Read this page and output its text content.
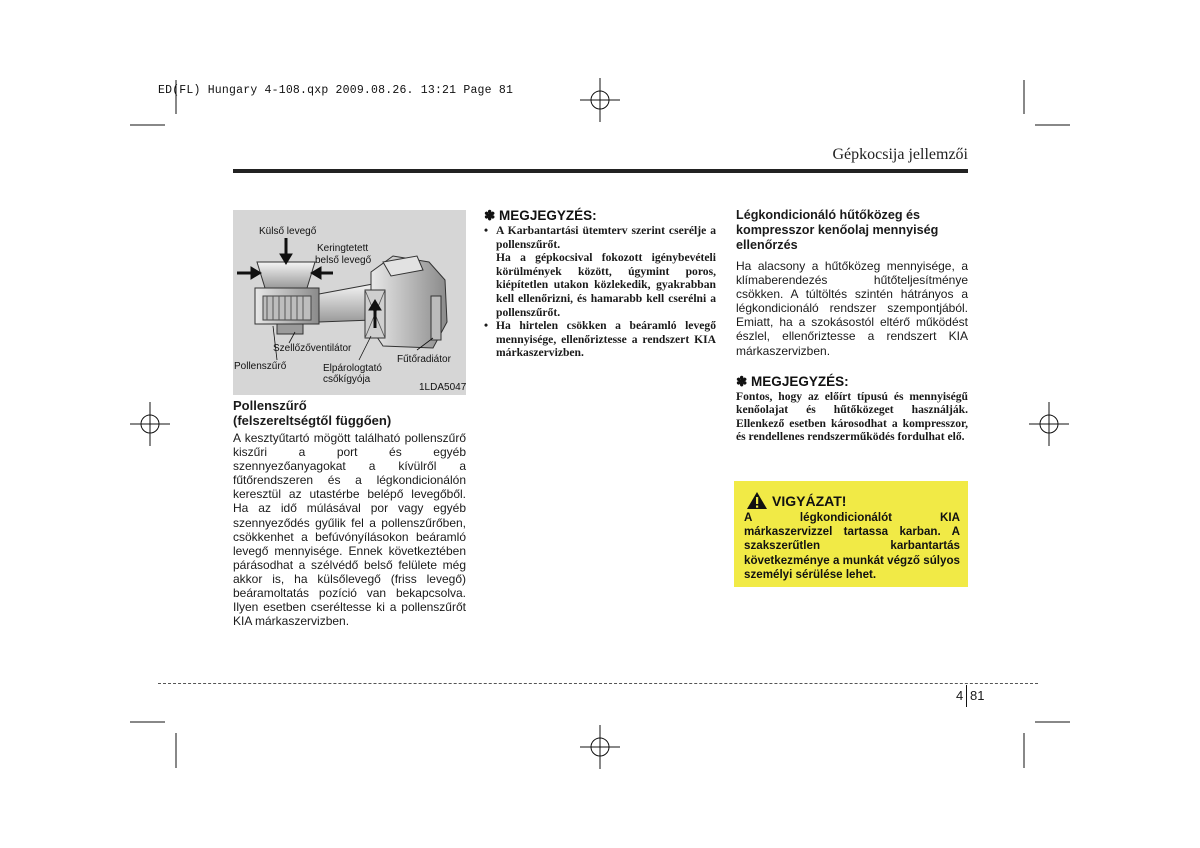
ED(FL) Hungary 4-108.qxp 2009.08.26. 13:21 Page 81
Gépkocsija jellemzői
Külső levegő
Keringtetett
belső levegő
Szellőzőventilátor
Pollenszűrő	Elpárologtató
csőkígyója
Fűtőradiátor
1LDA5047
Pollenszűrő
(felszereltségtől függően)
A kesztyűtartó mögött található pollenszűrő kiszűri a port és egyéb szennyezőanyagokat a kívülről a fűtőrendszeren és a légkondicionálón keresztül az utastérbe belépő levegőből. Ha az idő múlásával por vagy egyéb szennyeződés gyűlik fel a pollenszűrőben, csökkenhet a befúvónyílásokon beáramló levegő mennyisége. Ennek következtében párásodhat a szélvédő belső felülete még akkor is, ha külsőlevegő (friss levegő) beáramoltatás pozíció van bekapcsolva. Ilyen esetben cseréltesse ki a pollenszűrőt KIA márkaszervizben.
✽ MEGJEGYZÉS:
• A Karbantartási ütemterv szerint cserélje a pollenszűrőt.
Ha a gépkocsival fokozott igénybevételi körülmények között, úgymint poros, kiépítetlen utakon közlekedik, gyakrabban kell ellenőrizni, és hamarabb kell cserélni a pollenszűrőt.
• Ha hirtelen csökken a beáramló levegő mennyisége, ellenőriztesse a rendszert KIA márkaszervizben.
Légkondicionáló hűtőközeg és kompresszor kenőolaj mennyiség ellenőrzés
Ha alacsony a hűtőközeg mennyisége, a klímaberendezés hűtőteljesítménye csökken. A túltöltés szintén hátrányos a légkondicionáló rendszer szempontjából. Emiatt, ha a szokásostól eltérő működést észlel, ellenőriztesse a rendszert KIA márkaszervizben.
✽ MEGJEGYZÉS:
Fontos, hogy az előírt típusú és mennyiségű kenőolajat és hűtőközeget használják. Ellenkező esetben károsodhat a kompresszor, és rendellenes rendszerműködés fordulhat elő.
VIGYÁZAT!
A légkondicionálót KIA márkaszervizzel tartassa karban. A szakszerűtlen karbantartás következménye a munkát végző súlyos személyi sérülése lehet.
4 81
